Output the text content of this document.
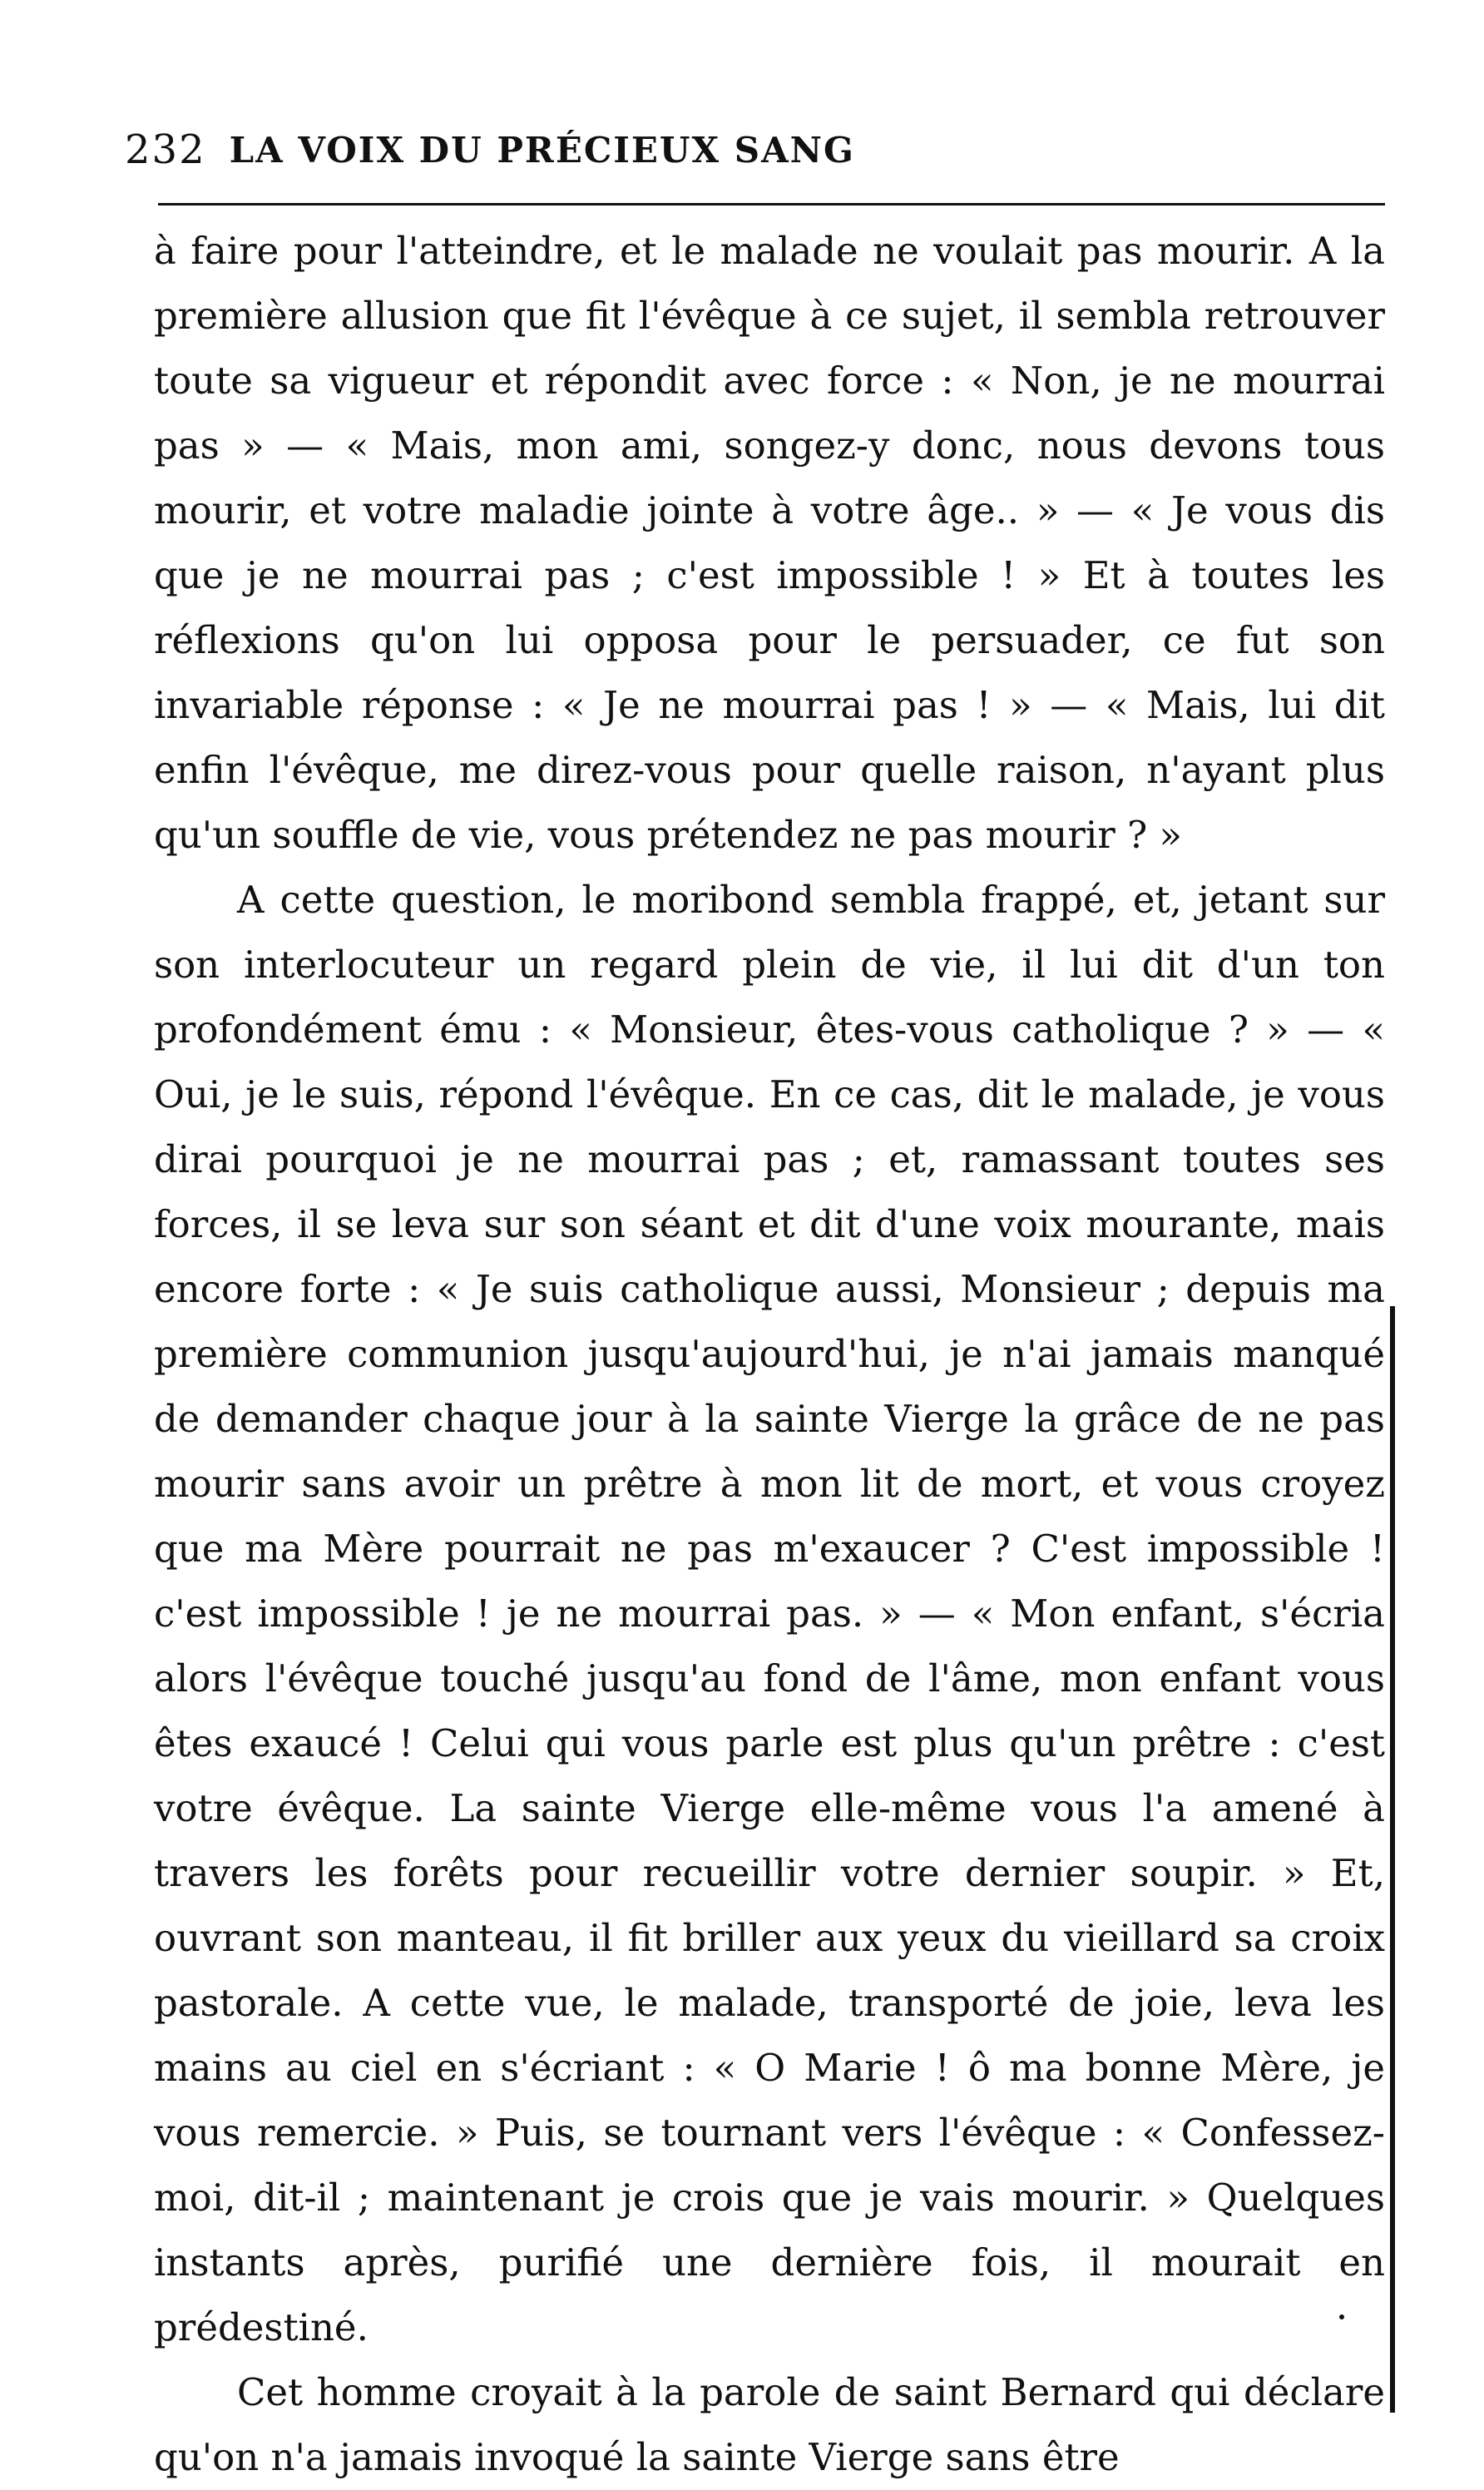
232 LA VOIX DU PRÉCIEUX SANG

à faire pour l'atteindre, et le malade ne voulait pas mourir. A la première allusion que fit l'évêque à ce sujet, il sembla retrouver toute sa vigueur et répondit avec force : « Non, je ne mourrai pas » — « Mais, mon ami, songez-y donc, nous devons tous mourir, et votre maladie jointe à votre âge.. » — « Je vous dis que je ne mourrai pas ; c'est impossible ! » Et à toutes les réflexions qu'on lui opposa pour le persuader, ce fut son invariable réponse : « Je ne mourrai pas ! » — « Mais, lui dit enfin l'évêque, me direz-vous pour quelle raison, n'ayant plus qu'un souffle de vie, vous prétendez ne pas mourir ? »

A cette question, le moribond sembla frappé, et, jetant sur son interlocuteur un regard plein de vie, il lui dit d'un ton profondément ému : « Monsieur, êtes-vous catholique ? » — « Oui, je le suis, répond l'évêque. En ce cas, dit le malade, je vous dirai pourquoi je ne mourrai pas ; et, ramassant toutes ses forces, il se leva sur son séant et dit d'une voix mourante, mais encore forte : « Je suis catholique aussi, Monsieur ; depuis ma première communion jusqu'aujourd'hui, je n'ai jamais manqué de demander chaque jour à la sainte Vierge la grâce de ne pas mourir sans avoir un prêtre à mon lit de mort, et vous croyez que ma Mère pourrait ne pas m'exaucer ? C'est impossible ! c'est impossible ! je ne mourrai pas. » — « Mon enfant, s'écria alors l'évêque touché jusqu'au fond de l'âme, mon enfant vous êtes exaucé ! Celui qui vous parle est plus qu'un prêtre : c'est votre évêque. La sainte Vierge elle-même vous l'a amené à travers les forêts pour recueillir votre dernier soupir. » Et, ouvrant son manteau, il fit briller aux yeux du vieillard sa croix pastorale. A cette vue, le malade, transporté de joie, leva les mains au ciel en s'écriant : « O Marie ! ô ma bonne Mère, je vous remercie. » Puis, se tournant vers l'évêque : « Confessez-moi, dit-il ; maintenant je crois que je vais mourir. » Quelques instants après, purifié une dernière fois, il mourait en prédestiné.

Cet homme croyait à la parole de saint Bernard qui déclare qu'on n'a jamais invoqué la sainte Vierge sans être
